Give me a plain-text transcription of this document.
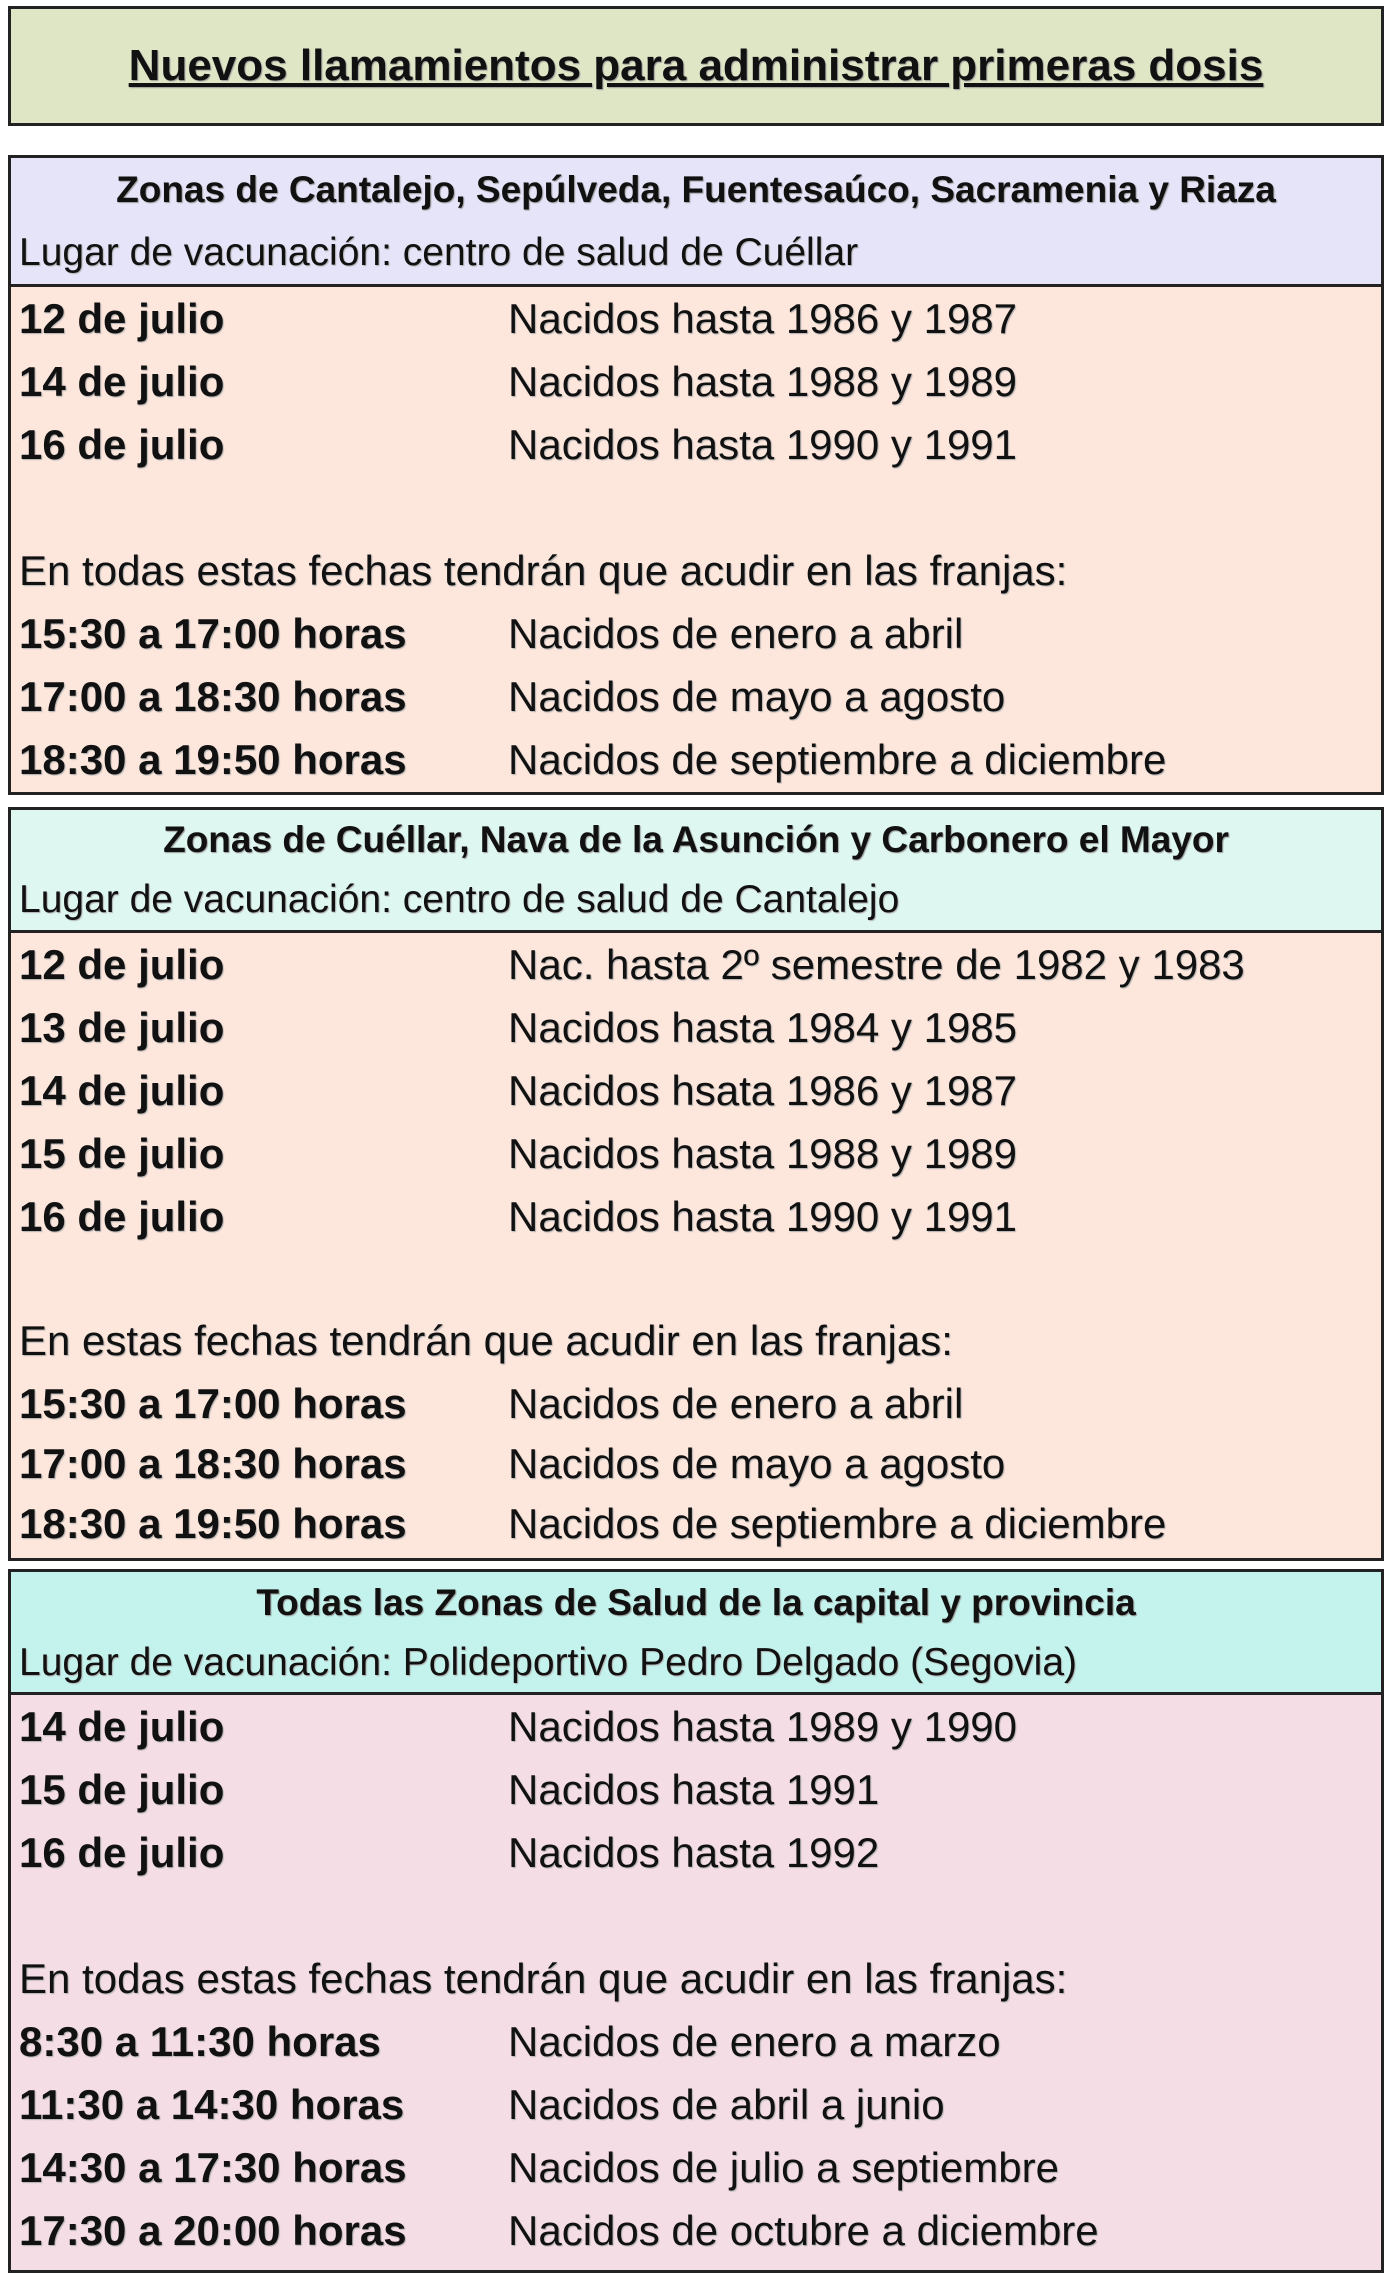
Nuevos llamamientos para administrar primeras dosis
Zonas de Cantalejo, Sepúlveda, Fuentesaúco, Sacramenia y Riaza
Lugar de vacunación: centro de salud de Cuéllar
12 de julio	Nacidos hasta 1986 y 1987
14 de julio	Nacidos hasta 1988 y 1989
16 de julio	Nacidos hasta 1990 y 1991
En todas estas fechas tendrán que acudir en las franjas:
15:30 a 17:00 horas Nacidos de enero a abril
17:00 a 18:30 horas Nacidos de mayo a agosto
18:30 a 19:50 horas Nacidos de septiembre a diciembre
Zonas de Cuéllar, Nava de la Asunción y Carbonero el Mayor
Lugar de vacunación: centro de salud de Cantalejo
12 de julio	Nac. hasta 2º semestre de 1982 y 1983
13 de julio	Nacidos hasta 1984 y 1985
14 de julio	Nacidos hsata 1986 y 1987
15 de julio	Nacidos hasta 1988 y 1989
16 de julio	Nacidos hasta 1990 y 1991
En estas fechas tendrán que acudir en las franjas:
15:30 a 17:00 horas Nacidos de enero a abril
17:00 a 18:30 horas Nacidos de mayo a agosto
18:30 a 19:50 horas Nacidos de septiembre a diciembre
Todas las Zonas de Salud de la capital y provincia
Lugar de vacunación: Polideportivo Pedro Delgado (Segovia)
14 de julio	Nacidos hasta 1989 y 1990
15 de julio	Nacidos hasta 1991
16 de julio	Nacidos hasta 1992
En todas estas fechas tendrán que acudir en las franjas:
8:30 a 11:30 horas	Nacidos de enero a marzo
11:30 a 14:30 horas Nacidos de abril a junio
14:30 a 17:30 horas Nacidos de julio a septiembre
17:30 a 20:00 horas Nacidos de octubre a diciembre
